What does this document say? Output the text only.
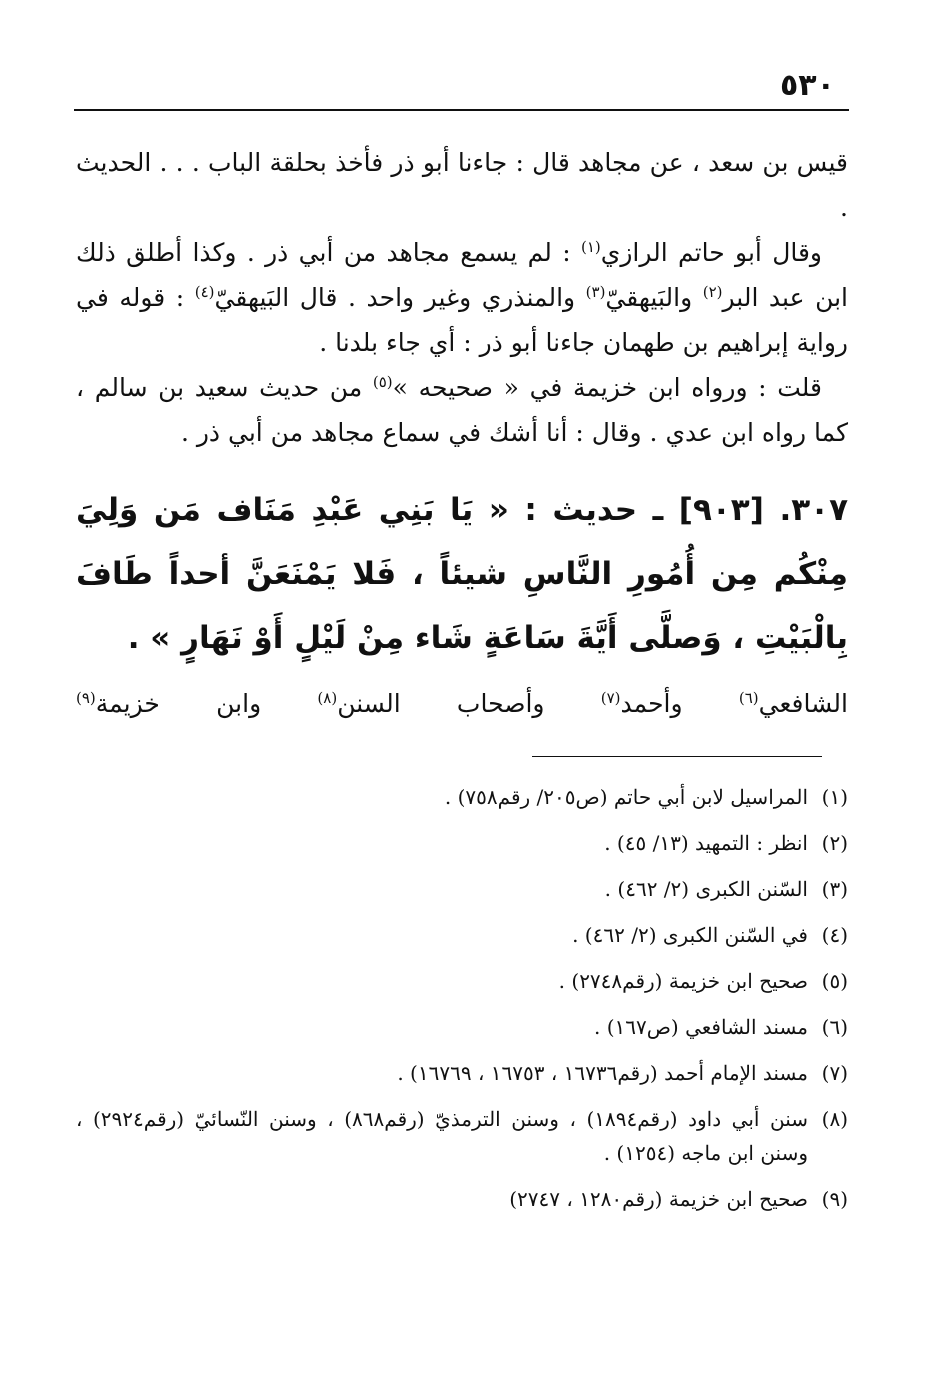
٥٣٠

قيس بن سعد ، عن مجاهد قال : جاءنا أبو ذر فأخذ بحلقة الباب . . . الحديث .

وقال أبو حاتم الرازي$^{(١)}$ : لم يسمع مجاهد من أبي ذر . وكذا أطلق ذلك ابن عبد البر$^{(٢)}$ والبَيهقيّ$^{(٣)}$ والمنذري وغير واحد . قال البَيهقيّ$^{(٤)}$ : قوله في رواية إبراهيم بن طهمان جاءنا أبو ذر : أي جاء بلدنا .

قلت : ورواه ابن خزيمة في « صحيحه »$^{(٥)}$ من حديث سعيد بن سالم ، كما رواه ابن عدي . وقال : أنا أشك في سماع مجاهد من أبي ذر .

٣٠٧. [٩٠٣] ـ حديث : « يَا بَنِي عَبْدِ مَنَاف مَن وَلِيَ مِنْكُم مِن أُمُورِ النَّاسِ شيئاً ، فَلا يَمْنَعَنَّ أحداً طَافَ بِالْبَيْتِ ، وَصلَّى أَيَّةَ سَاعَةٍ شَاء مِنْ لَيْلٍ أَوْ نَهَارٍ » .

الشافعي$^{(٦)}$ وأحمد$^{(٧)}$ وأصحاب السنن$^{(٨)}$ وابن خزيمة$^{(٩)}$

(١)
المراسيل لابن أبي حاتم (ص٢٠٥/ رقم٧٥٨) .
(٢)
انظر : التمهيد (١٣/ ٤٥) .
(٣)
السّنن الكبرى (٢/ ٤٦٢) .
(٤)
في السّنن الكبرى (٢/ ٤٦٢) .
(٥)
صحيح ابن خزيمة (رقم٢٧٤٨) .
(٦)
مسند الشافعي (ص١٦٧) .
(٧)
مسند الإمام أحمد (رقم١٦٧٣٦ ، ١٦٧٥٣ ، ١٦٧٦٩) .
(٨)
سنن أبي داود (رقم١٨٩٤) ، وسنن الترمذيّ (رقم٨٦٨) ، وسنن النّسائيّ (رقم٢٩٢٤) ، وسنن ابن ماجه (١٢٥٤) .
(٩)
صحيح ابن خزيمة (رقم١٢٨٠ ، ٢٧٤٧)
